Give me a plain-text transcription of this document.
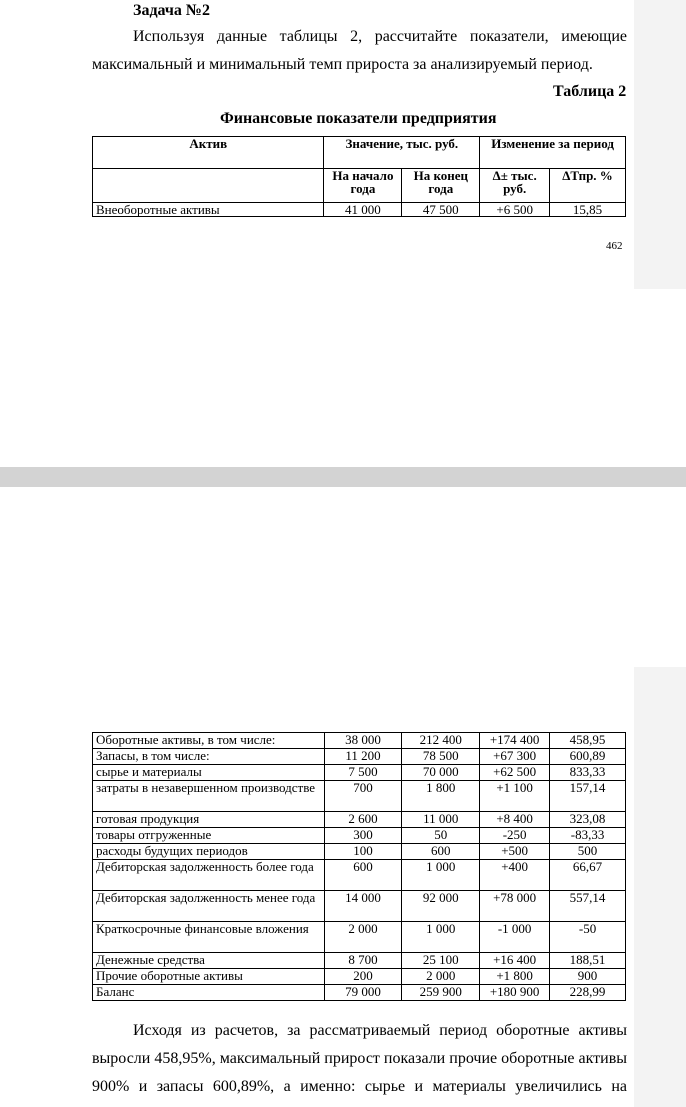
Задача №2
Используя данные таблицы 2, рассчитайте показатели, имеющие
максимальный и минимальный темп прироста за анализируемый период.
Таблица 2
Финансовые показатели предприятия
Актив	Значение, тыс. руб.		Изменение за период	
	На начало года	На конец года	Δ± тыс. руб.	ΔТпр. %
Внеоборотные активы	41 000	47 500	+6 500	15,85
462
Оборотные активы, в том числе:	38 000	212 400	+174 400	458,95
Запасы, в том числе:	11 200	78 500	+67 300	600,89
сырье и материалы	7 500	70 000	+62 500	833,33
затраты в незавершенном производстве	700	1 800	+1 100	157,14
готовая продукция	2 600	11 000	+8 400	323,08
товары отгруженные	300	50	-250	-83,33
расходы будущих периодов	100	600	+500	500
Дебиторская задолженность более года	600	1 000	+400	66,67
Дебиторская задолженность менее года	14 000	92 000	+78 000	557,14
Краткосрочные финансовые вложения	2 000	1 000	-1 000	-50
Денежные средства	8 700	25 100	+16 400	188,51
Прочие оборотные активы	200	2 000	+1 800	900
Баланс	79 000	259 900	+180 900	228,99
Исходя из расчетов, за рассматриваемый период оборотные активы
выросли 458,95%, максимальный прирост показали прочие оборотные активы
900% и запасы 600,89%, а именно: сырье и материалы увеличились на
